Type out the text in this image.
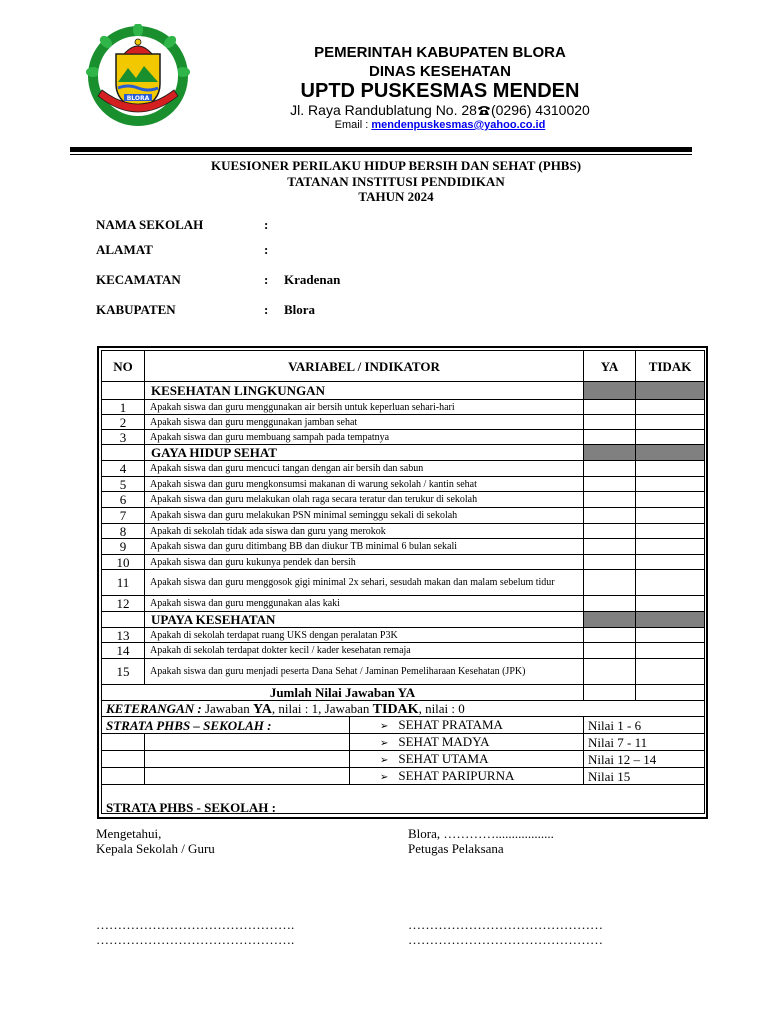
BLORA
PEMERINTAH KABUPATEN BLORA
DINAS KESEHATAN
UPTD PUSKESMAS MENDEN
Jl. Raya Randublatung No. 28 (0296) 4310020
Email : mendenpuskesmas@yahoo.co.id
KUESIONER PERILAKU HIDUP BERSIH DAN SEHAT (PHBS)
TATANAN INSTITUSI PENDIDIKAN
TAHUN 2024
NAMA SEKOLAH	:
ALAMAT	:
KECAMATAN	: Kradenan
KABUPATEN	: Blora
NO	VARIABEL / INDIKATOR		YA	TIDAK
	KESEHATAN LINGKUNGAN			
1	Apakah siswa dan guru menggunakan air bersih untuk keperluan sehari-hari			
2	Apakah siswa dan guru menggunakan jamban sehat			
3	Apakah siswa dan guru membuang sampah pada tempatnya			
	GAYA HIDUP SEHAT			
4	Apakah siswa dan guru mencuci tangan dengan air bersih dan sabun			
5	Apakah siswa dan guru mengkonsumsi makanan di warung sekolah / kantin sehat			
6	Apakah siswa dan guru melakukan olah raga secara teratur dan terukur di sekolah			
7	Apakah siswa dan guru melakukan PSN minimal seminggu sekali di sekolah			
8	Apakah di sekolah tidak ada siswa dan guru yang merokok			
9	Apakah siswa dan guru ditimbang BB dan diukur TB minimal 6 bulan sekali			
10	Apakah siswa dan guru kukunya pendek dan bersih			
11	Apakah siswa dan guru menggosok gigi minimal 2x sehari, sesudah makan dan malam sebelum tidur			
12	Apakah siswa dan guru menggunakan alas kaki			
	UPAYA KESEHATAN			
13	Apakah di sekolah terdapat ruang UKS dengan peralatan P3K			
14	Apakah di sekolah terdapat dokter kecil / kader kesehatan remaja			
15	Apakah siswa dan guru menjadi peserta Dana Sehat / Jaminan Pemeliharaan Kesehatan (JPK)			
Jumlah Nilai Jawaban YA				
KETERANGAN : Jawaban YA, nilai : 1, Jawaban TIDAK, nilai : 0				
STRATA PHBS – SEKOLAH :		➢ SEHAT PRATAMA	Nilai 1 - 6	
		➢ SEHAT MADYA	Nilai 7 - 11	
		➢ SEHAT UTAMA	Nilai 12 – 14	
		➢ SEHAT PARIPURNA	Nilai 15	
STRATA PHBS - SEKOLAH :				
Mengetahui,
Kepala Sekolah / Guru
Blora, …………..................
Petugas Pelaksana
……………………………………….
……………………………………….
………………………………………
………………………………………
